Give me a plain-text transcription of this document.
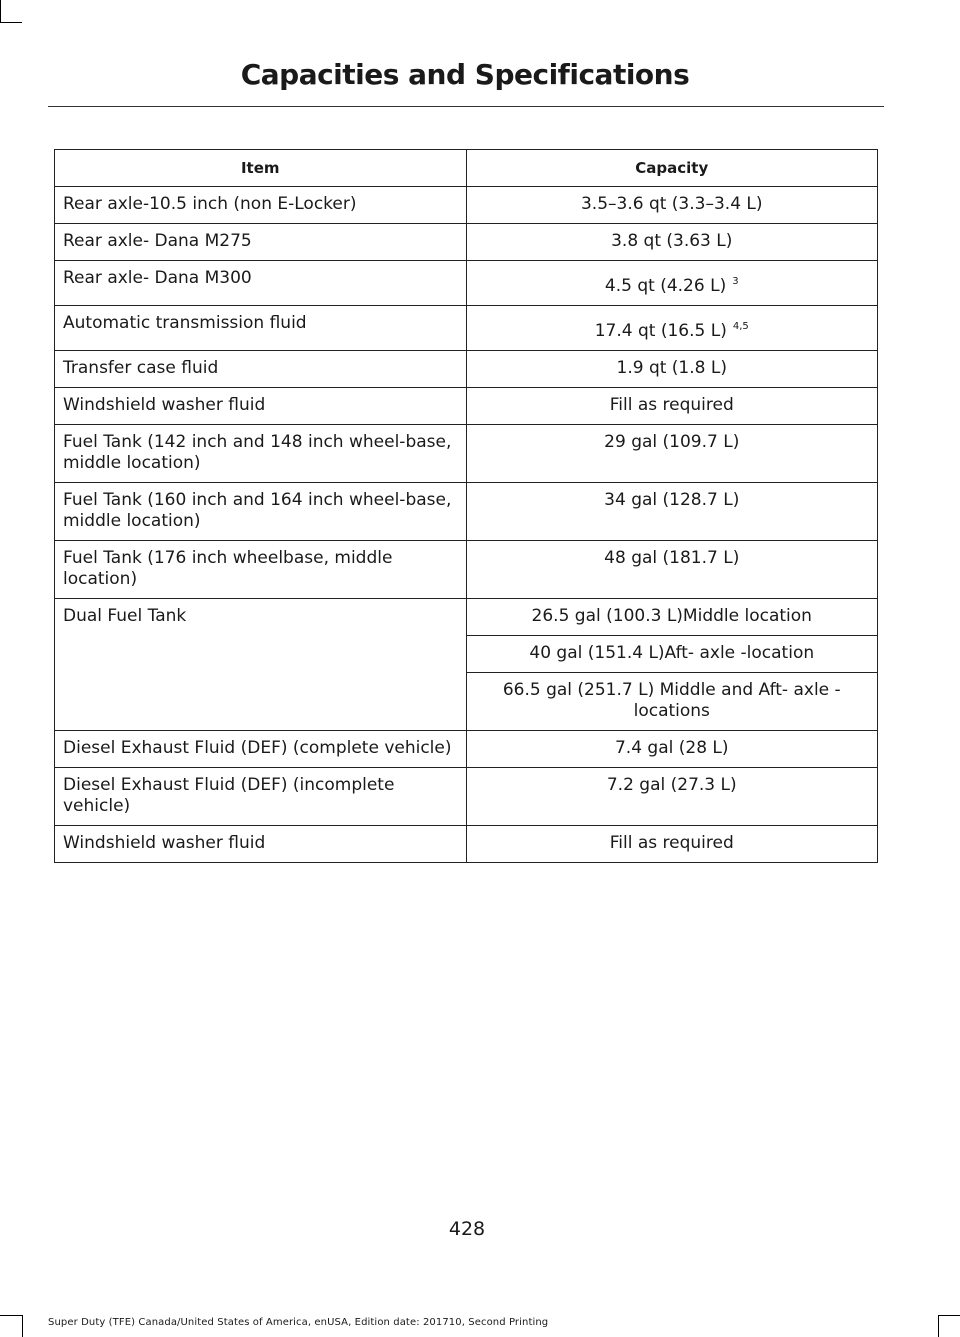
Capacities and Specifications
Item	Capacity
Rear axle-10.5 inch (non E-Locker)	3.5–3.6 qt (3.3–3.4 L)
Rear axle- Dana M275	3.8 qt (3.63 L)
Rear axle- Dana M300	4.5 qt (4.26 L) $^3$
Automatic transmission fluid	17.4 qt (16.5 L) $^{4,5}$
Transfer case fluid	1.9 qt (1.8 L)
Windshield washer fluid	Fill as required
Fuel Tank (142 inch and 148 inch wheel-base, middle location)	29 gal (109.7 L)
Fuel Tank (160 inch and 164 inch wheel-base, middle location)	34 gal (128.7 L)
Fuel Tank (176 inch wheelbase, middle location)	48 gal (181.7 L)
Dual Fuel Tank	26.5 gal (100.3 L)Middle location
	40 gal (151.4 L)Aft- axle -location
	66.5 gal (251.7 L) Middle and Aft- axle -locations
Diesel Exhaust Fluid (DEF) (complete vehicle)	7.4 gal (28 L)
Diesel Exhaust Fluid (DEF) (incomplete vehicle)	7.2 gal (27.3 L)
Windshield washer fluid	Fill as required
428
Super Duty (TFE) Canada/United States of America, enUSA, Edition date: 201710, Second Printing
